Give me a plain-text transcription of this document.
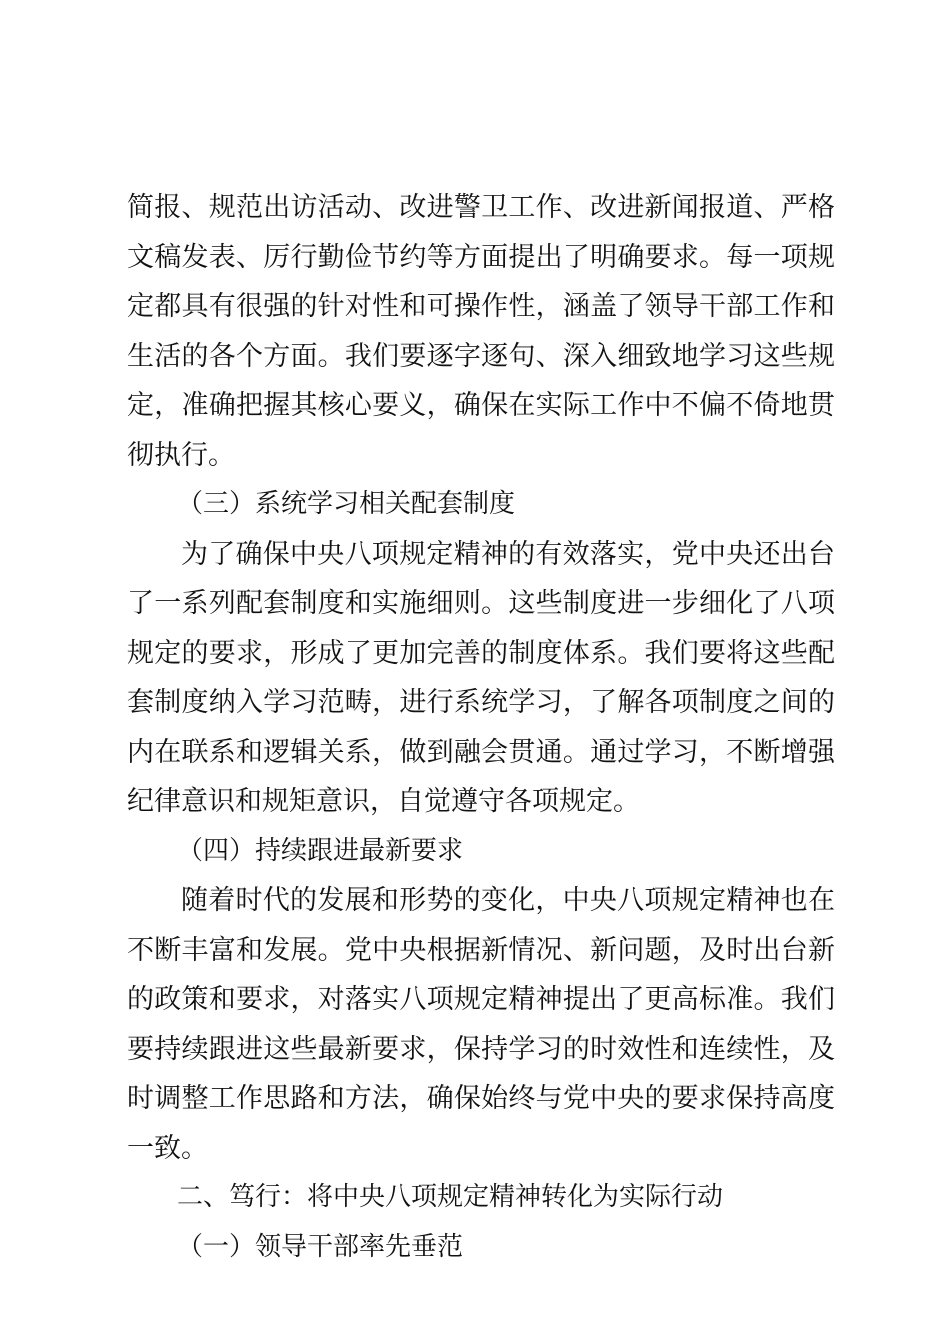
简报、规范出访活动、改进警卫工作、改进新闻报道、严格文稿发表、厉行勤俭节约等方面提出了明确要求。每一项规定都具有很强的针对性和可操作性，涵盖了领导干部工作和生活的各个方面。我们要逐字逐句、深入细致地学习这些规定，准确把握其核心要义，确保在实际工作中不偏不倚地贯彻执行。

（三）系统学习相关配套制度

为了确保中央八项规定精神的有效落实，党中央还出台了一系列配套制度和实施细则。这些制度进一步细化了八项规定的要求，形成了更加完善的制度体系。我们要将这些配套制度纳入学习范畴，进行系统学习，了解各项制度之间的内在联系和逻辑关系，做到融会贯通。通过学习，不断增强纪律意识和规矩意识，自觉遵守各项规定。

（四）持续跟进最新要求

随着时代的发展和形势的变化，中央八项规定精神也在不断丰富和发展。党中央根据新情况、新问题，及时出台新的政策和要求，对落实八项规定精神提出了更高标准。我们要持续跟进这些最新要求，保持学习的时效性和连续性，及时调整工作思路和方法，确保始终与党中央的要求保持高度一致。

二、笃行：将中央八项规定精神转化为实际行动

（一）领导干部率先垂范
